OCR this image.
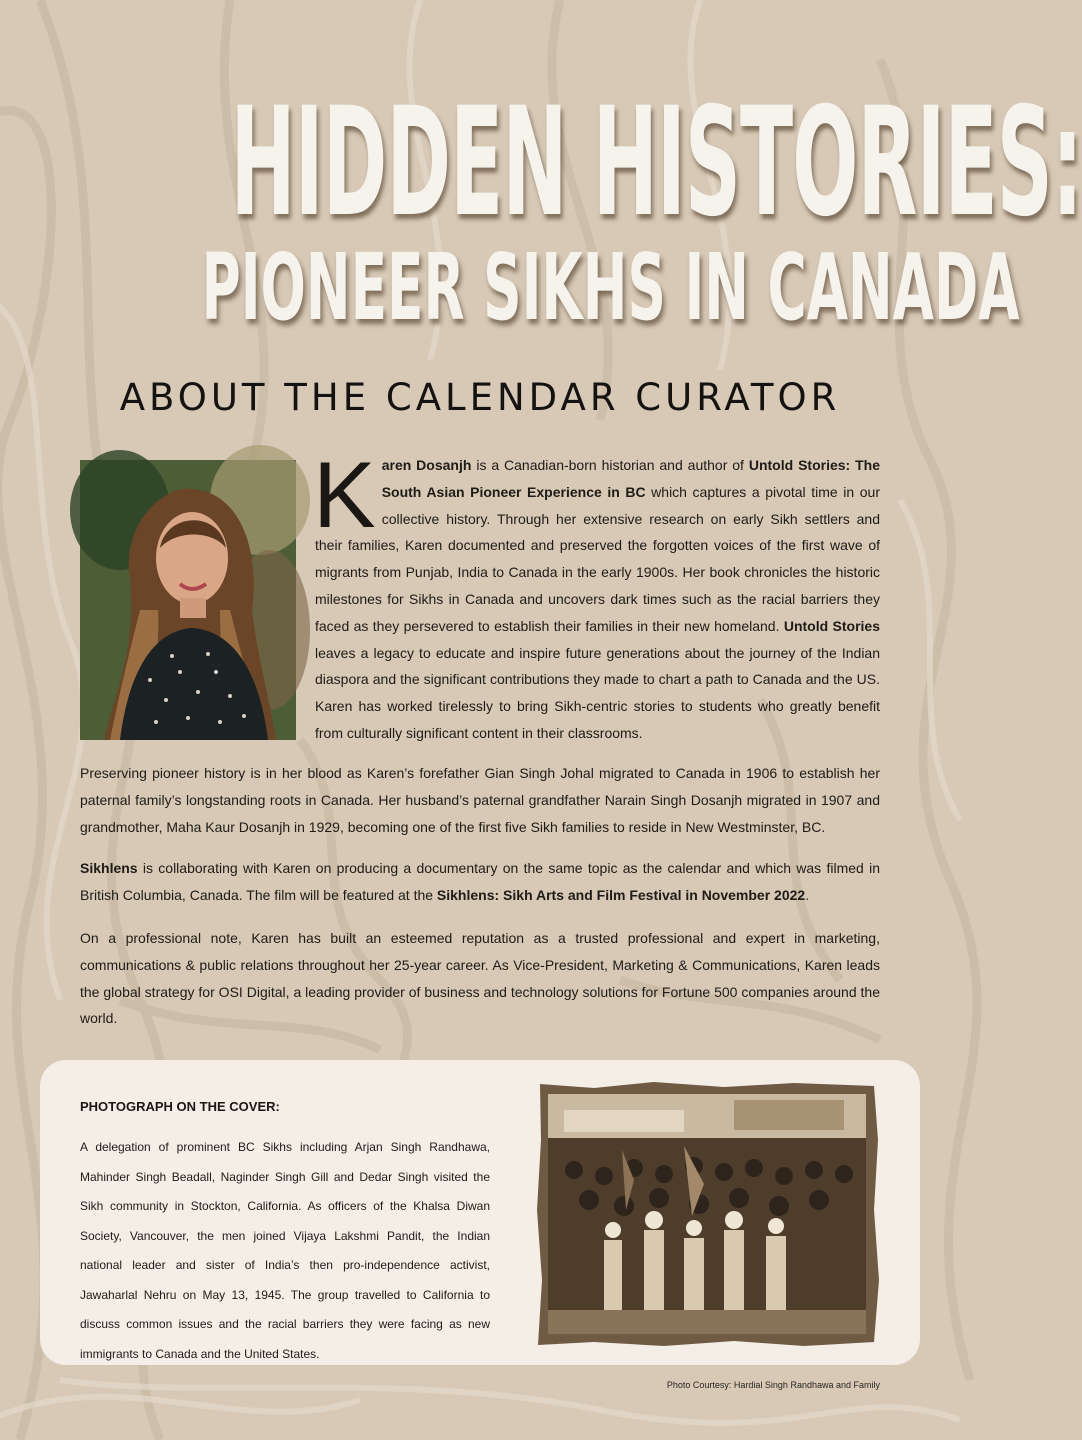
HIDDEN HISTORIES:
PIONEER SIKHS IN CANADA
ABOUT THE CALENDAR CURATOR
Karen Dosanjh is a Canadian-born historian and author of Untold Stories: The South Asian Pioneer Experience in BC which captures a pivotal time in our collective history. Through her extensive research on early Sikh settlers and their families, Karen documented and preserved the forgotten voices of the first wave of migrants from Punjab, India to Canada in the early 1900s. Her book chronicles the historic milestones for Sikhs in Canada and uncovers dark times such as the racial barriers they faced as they persevered to establish their families in their new homeland. Untold Stories leaves a legacy to educate and inspire future generations about the journey of the Indian diaspora and the significant contributions they made to chart a path to Canada and the US. Karen has worked tirelessly to bring Sikh-centric stories to students who greatly benefit from culturally significant content in their classrooms.

Preserving pioneer history is in her blood as Karen’s forefather Gian Singh Johal migrated to Canada in 1906 to establish her paternal family’s longstanding roots in Canada. Her husband’s paternal grandfather Narain Singh Dosanjh migrated in 1907 and grandmother, Maha Kaur Dosanjh in 1929, becoming one of the first five Sikh families to reside in New Westminster, BC.

Sikhlens is collaborating with Karen on producing a documentary on the same topic as the calendar and which was filmed in British Columbia, Canada. The film will be featured at the Sikhlens: Sikh Arts and Film Festival in November 2022.

On a professional note, Karen has built an esteemed reputation as a trusted professional and expert in marketing, communications & public relations throughout her 25-year career. As Vice-President, Marketing & Communications, Karen leads the global strategy for OSI Digital, a leading provider of business and technology solutions for Fortune 500 companies around the world.

PHOTOGRAPH ON THE COVER:

A delegation of prominent BC Sikhs including Arjan Singh Randhawa, Mahinder Singh Beadall, Naginder Singh Gill and Dedar Singh visited the Sikh community in Stockton, California. As officers of the Khalsa Diwan Society, Vancouver, the men joined Vijaya Lakshmi Pandit, the Indian national leader and sister of India’s then pro-independence activist, Jawaharlal Nehru on May 13, 1945. The group travelled to California to discuss common issues and the racial barriers they were facing as new immigrants to Canada and the United States.

Photo Courtesy: Hardial Singh Randhawa and Family
